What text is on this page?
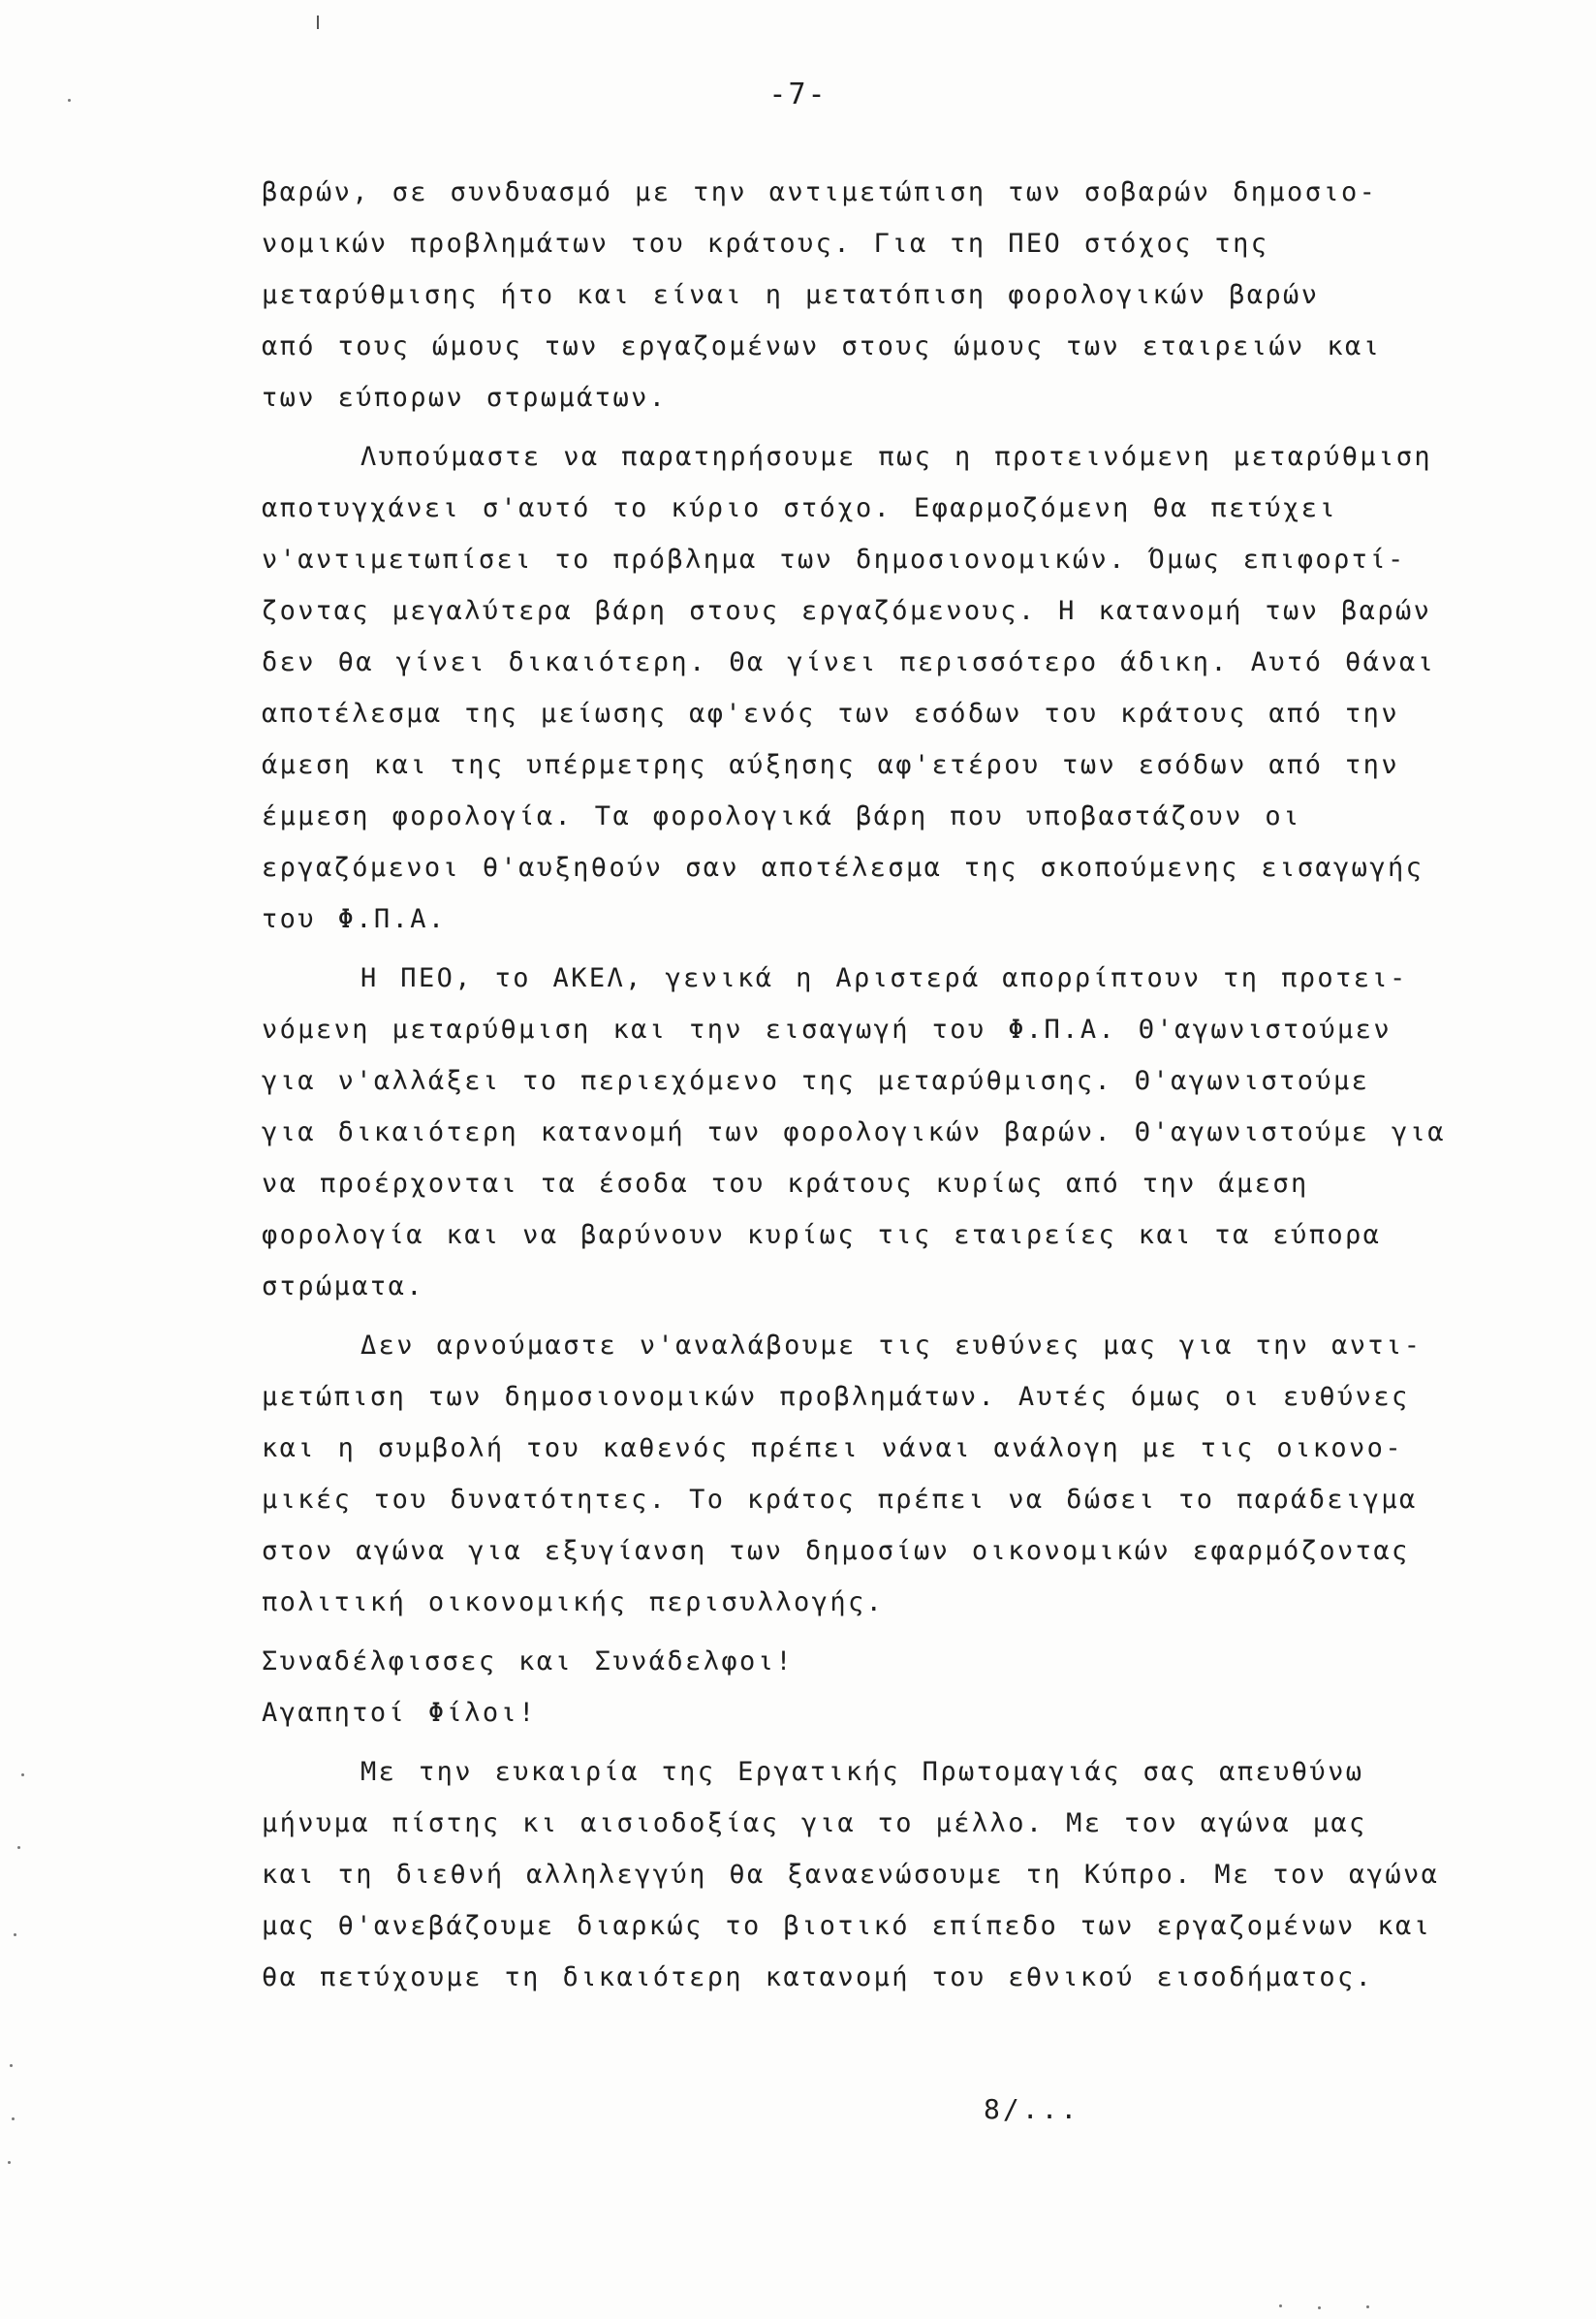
-7-
βαρών, σε συνδυασμό με την αντιμετώπιση των σοβαρών δημοσιο-
νομικών προβλημάτων του κράτους. Για τη ΠΕΟ στόχος της
μεταρύθμισης ήτο και είναι η μετατόπιση φορολογικών βαρών
από τους ώμους των εργαζομένων στους ώμους των εταιρειών και
των εύπορων στρωμάτων.
Λυπούμαστε να παρατηρήσουμε πως η προτεινόμενη μεταρύθμιση
αποτυγχάνει σ'αυτό το κύριο στόχο. Εφαρμοζόμενη θα πετύχει
ν'αντιμετωπίσει το πρόβλημα των δημοσιονομικών. Όμως επιφορτί-
ζοντας μεγαλύτερα βάρη στους εργαζόμενους. Η κατανομή των βαρών
δεν θα γίνει δικαιότερη. Θα γίνει περισσότερο άδικη. Αυτό θάναι
αποτέλεσμα της μείωσης αφ'ενός των εσόδων του κράτους από την
άμεση και της υπέρμετρης αύξησης αφ'ετέρου των εσόδων από την
έμμεση φορολογία. Τα φορολογικά βάρη που υποβαστάζουν οι
εργαζόμενοι θ'αυξηθούν σαν αποτέλεσμα της σκοπούμενης εισαγωγής
του Φ.Π.Α.
Η ΠΕΟ, το ΑΚΕΛ, γενικά η Αριστερά απορρίπτουν τη προτει-
νόμενη μεταρύθμιση και την εισαγωγή του Φ.Π.Α. Θ'αγωνιστούμεν
για ν'αλλάξει το περιεχόμενο της μεταρύθμισης. Θ'αγωνιστούμε
για δικαιότερη κατανομή των φορολογικών βαρών. Θ'αγωνιστούμε για
να προέρχονται τα έσοδα του κράτους κυρίως από την άμεση
φορολογία και να βαρύνουν κυρίως τις εταιρείες και τα εύπορα
στρώματα.
Δεν αρνούμαστε ν'αναλάβουμε τις ευθύνες μας για την αντι-
μετώπιση των δημοσιονομικών προβλημάτων. Αυτές όμως οι ευθύνες
και η συμβολή του καθενός πρέπει νάναι ανάλογη με τις οικονο-
μικές του δυνατότητες. Το κράτος πρέπει να δώσει το παράδειγμα
στον αγώνα για εξυγίανση των δημοσίων οικονομικών εφαρμόζοντας
πολιτική οικονομικής περισυλλογής.
Συναδέλφισσες και Συνάδελφοι!
Αγαπητοί Φίλοι!
Με την ευκαιρία της Εργατικής Πρωτομαγιάς σας απευθύνω
μήνυμα πίστης κι αισιοδοξίας για το μέλλο. Με τον αγώνα μας
και τη διεθνή αλληλεγγύη θα ξαναενώσουμε τη Κύπρο. Με τον αγώνα
μας θ'ανεβάζουμε διαρκώς το βιοτικό επίπεδο των εργαζομένων και
θα πετύχουμε τη δικαιότερη κατανομή του εθνικού εισοδήματος.
8/...
